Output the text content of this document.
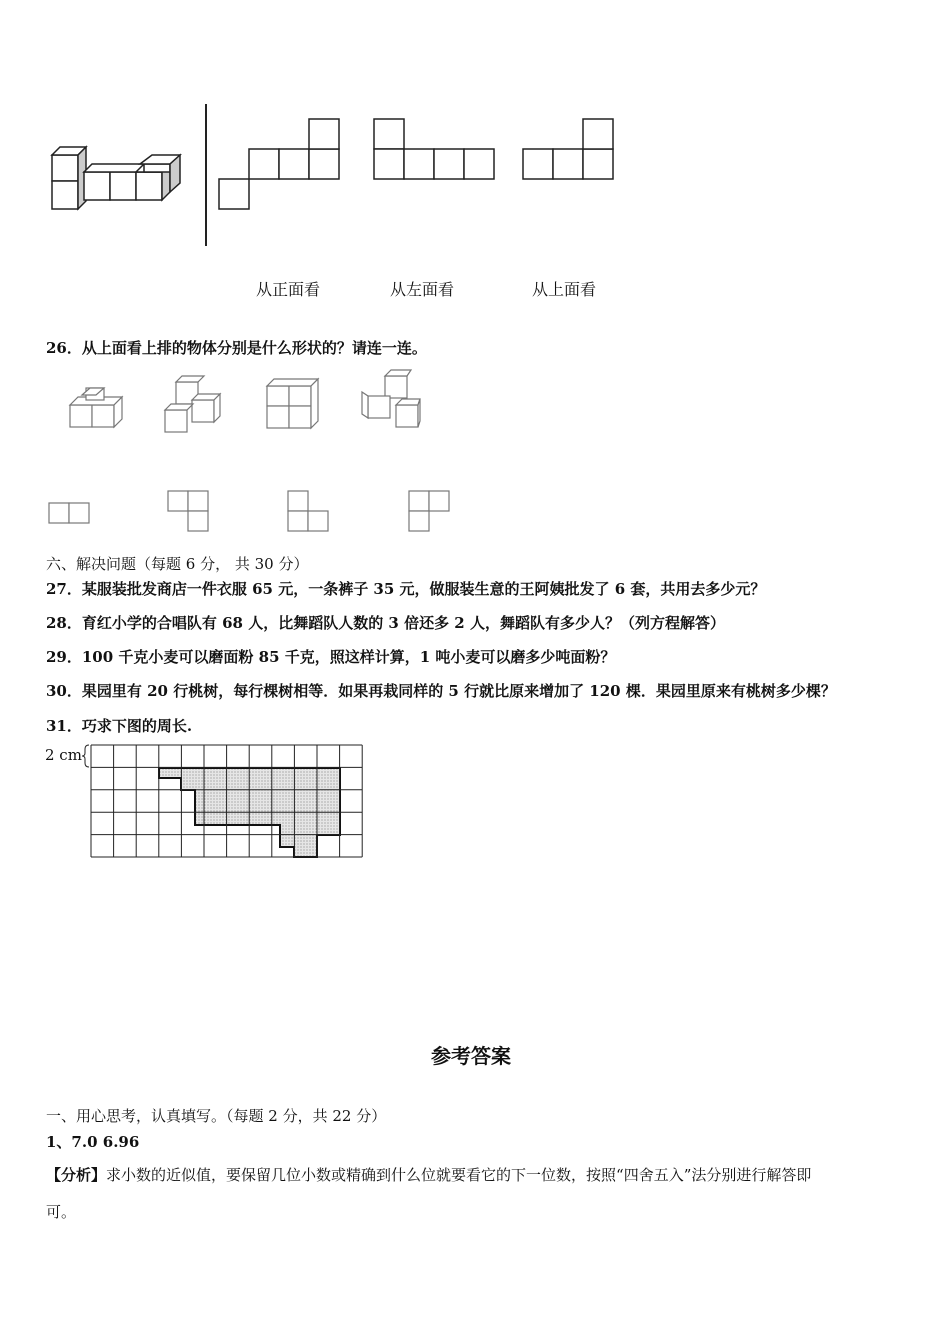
从正面看	从左面看	从上面看
26．从上面看上排的物体分别是什么形状的？请连一连。
六、解决问题（每题 6 分， 共 30 分）
27．某服装批发商店一件衣服 65 元，一条裤子 35 元，做服装生意的王阿姨批发了 6 套，共用去多少元？
28．育红小学的合唱队有 68 人，比舞蹈队人数的 3 倍还多 2 人，舞蹈队有多少人？（列方程解答）
29．100 千克小麦可以磨面粉 85 千克，照这样计算，1 吨小麦可以磨多少吨面粉？
30．果园里有 20 行桃树，每行棵树相等．如果再栽同样的 5 行就比原来增加了 120 棵．果园里原来有桃树多少棵？
31．巧求下图的周长.
2 cm
参考答案
一、用心思考，认真填写。（每题 2 分，共 22 分）
1、7.0 6.96
【分析】求小数的近似值，要保留几位小数或精确到什么位就要看它的下一位数，按照“四舍五入”法分别进行解答即
可。
